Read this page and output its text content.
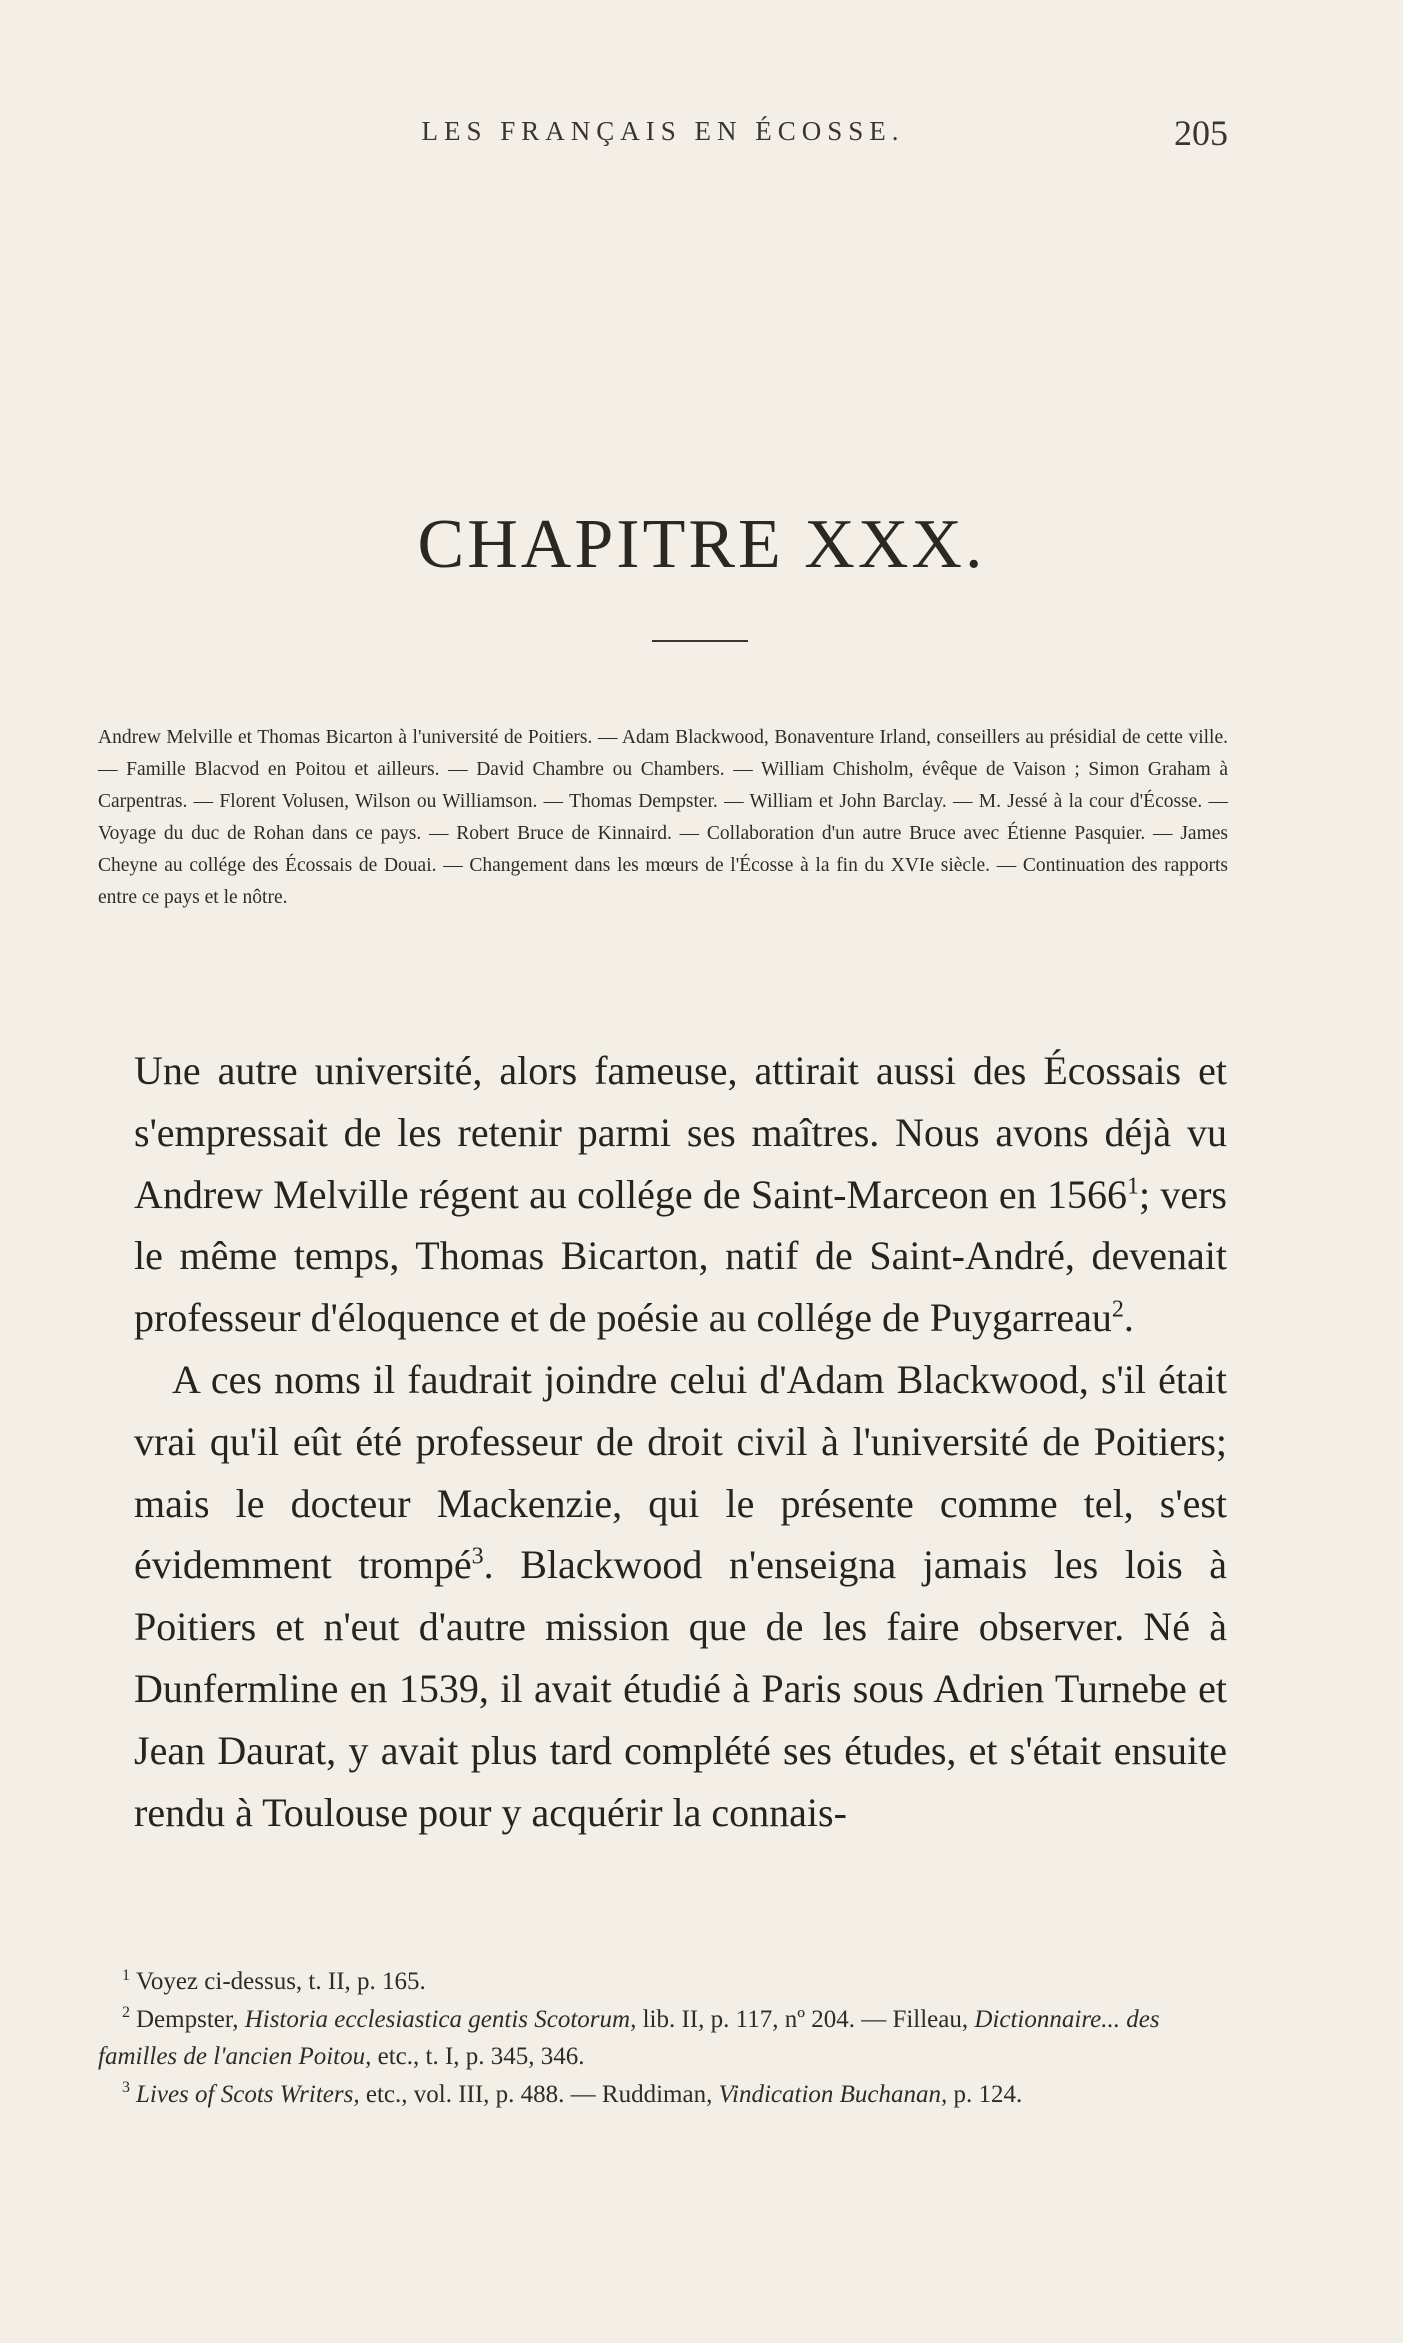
LES FRANÇAIS EN ÉCOSSE.	205
CHAPITRE XXX.
Andrew Melville et Thomas Bicarton à l'université de Poitiers. — Adam Blackwood, Bonaventure Irland, conseillers au présidial de cette ville. — Famille Blacvod en Poitou et ailleurs. — David Chambre ou Chambers. — William Chisholm, évêque de Vaison ; Simon Graham à Carpentras. — Florent Volusen, Wilson ou Williamson. — Thomas Dempster. — William et John Barclay. — M. Jessé à la cour d'Écosse. — Voyage du duc de Rohan dans ce pays. — Robert Bruce de Kinnaird. — Collaboration d'un autre Bruce avec Étienne Pasquier. — James Cheyne au collége des Écossais de Douai. — Changement dans les mœurs de l'Écosse à la fin du XVIe siècle. — Continuation des rapports entre ce pays et le nôtre.

Une autre université, alors fameuse, attirait aussi des Écossais et s'empressait de les retenir parmi ses maîtres. Nous avons déjà vu Andrew Melville régent au collége de Saint-Marceon en 1566$^1$; vers le même temps, Thomas Bicarton, natif de Saint-André, devenait professeur d'éloquence et de poésie au collége de Puygarreau$^2$.

A ces noms il faudrait joindre celui d'Adam Blackwood, s'il était vrai qu'il eût été professeur de droit civil à l'université de Poitiers; mais le docteur Mackenzie, qui le présente comme tel, s'est évidemment trompé$^3$. Blackwood n'enseigna jamais les lois à Poitiers et n'eut d'autre mission que de les faire observer. Né à Dunfermline en 1539, il avait étudié à Paris sous Adrien Turnebe et Jean Daurat, y avait plus tard complété ses études, et s'était ensuite rendu à Toulouse pour y acquérir la connais-

$^1$ Voyez ci-dessus, t. II, p. 165.

$^2$ Dempster, Historia ecclesiastica gentis Scotorum, lib. II, p. 117, nº 204. — Filleau, Dictionnaire... des familles de l'ancien Poitou, etc., t. I, p. 345, 346.

$^3$ Lives of Scots Writers, etc., vol. III, p. 488. — Ruddiman, Vindication Buchanan, p. 124.
